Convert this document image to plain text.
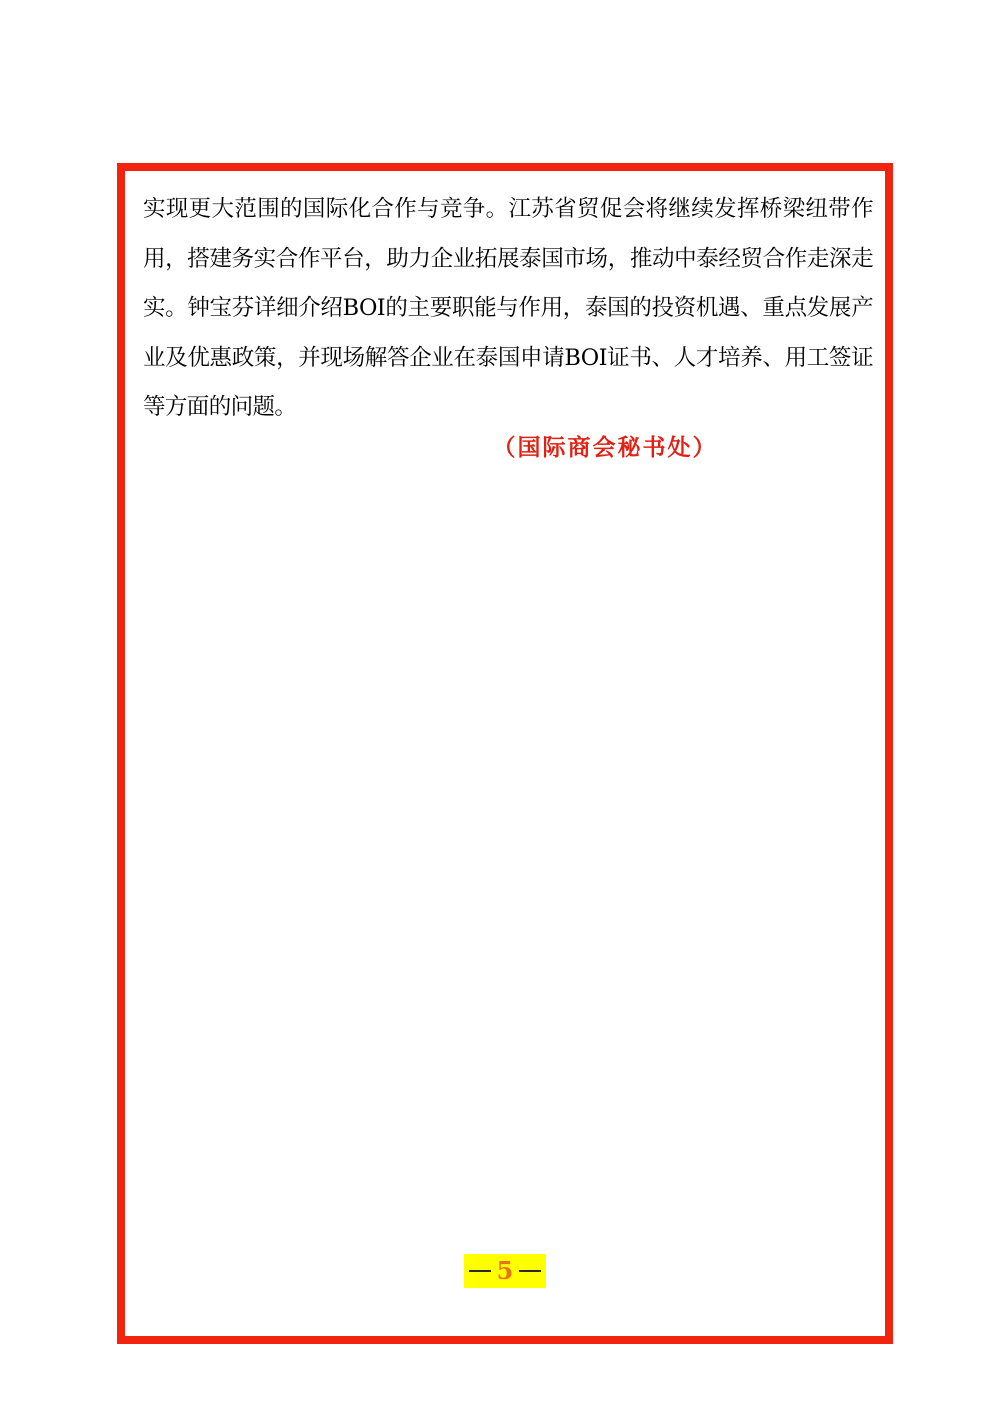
实现更大范围的国际化合作与竞争。江苏省贸促会将继续发挥桥梁纽带作用，搭建务实合作平台，助力企业拓展泰国市场，推动中泰经贸合作走深走实。钟宝芬详细介绍BOI的主要职能与作用，泰国的投资机遇、重点发展产业及优惠政策，并现场解答企业在泰国申请BOI证书、人才培养、用工签证等方面的问题。

（国际商会秘书处）
5
